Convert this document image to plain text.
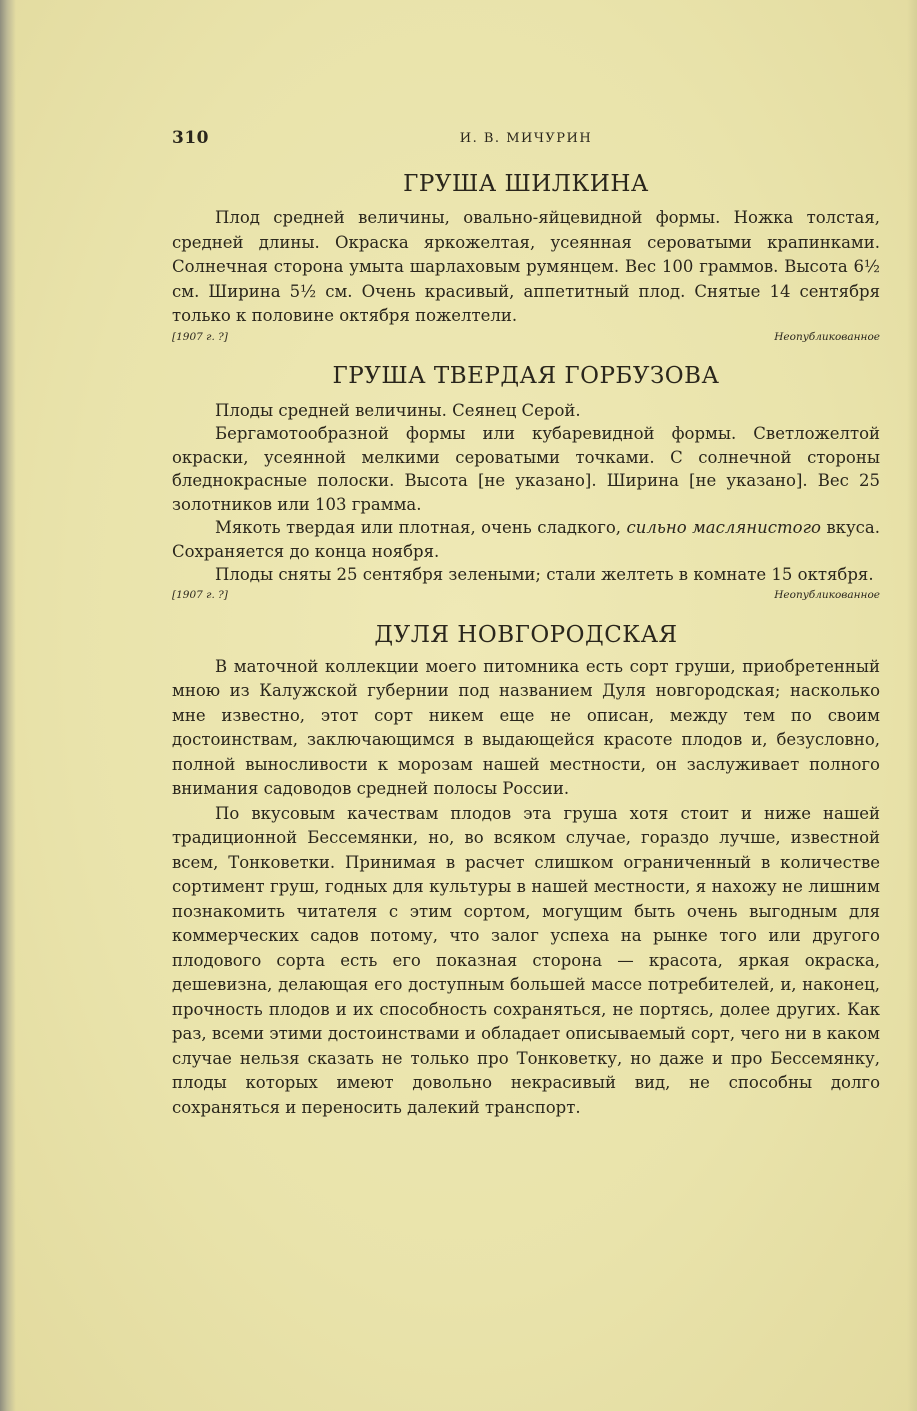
310	И. В. МИЧУРИН
ГРУША ШИЛКИНА

Плод средней величины, овально-яйцевидной формы. Ножка толстая, средней длины. Окраска яркожелтая, усеянная сероватыми крапинками. Солнечная сторона умыта шарлаховым румянцем. Вес 100 граммов. Высота 6½ см. Ширина 5½ см. Очень красивый, аппетитный плод. Снятые 14 сентября только к половине октября пожелтели.

[1907 г. ?]	Неопубликованное
ГРУША ТВЕРДАЯ ГОРБУЗОВА

Плоды средней величины. Сеянец Серой.

Бергамотообразной формы или кубаревидной формы. Светложелтой окраски, усеянной мелкими сероватыми точками. С солнечной стороны бледнокрасные полоски. Высота [не указано]. Ширина [не указано]. Вес 25 золотников или 103 грамма.

Мякоть твердая или плотная, очень сладкого, сильно маслянистого вкуса. Сохраняется до конца ноября.

Плоды сняты 25 сентября зелеными; стали желтеть в комнате 15 октября.

[1907 г. ?]	Неопубликованное
ДУЛЯ НОВГОРОДСКАЯ

В маточной коллекции моего питомника есть сорт груши, приобретенный мною из Калужской губернии под названием Дуля новгородская; насколько мне известно, этот сорт никем еще не описан, между тем по своим достоинствам, заключающимся в выдающейся красоте плодов и, безусловно, полной выносливости к морозам нашей местности, он заслуживает полного внимания садоводов средней полосы России.

По вкусовым качествам плодов эта груша хотя стоит и ниже нашей традиционной Бессемянки, но, во всяком случае, гораздо лучше, известной всем, Тонковетки. Принимая в расчет слишком ограниченный в количестве сортимент груш, годных для культуры в нашей местности, я нахожу не лишним познакомить читателя с этим сортом, могущим быть очень выгодным для коммерческих садов потому, что залог успеха на рынке того или другого плодового сорта есть его показная сторона — красота, яркая окраска, дешевизна, делающая его доступным большей массе потребителей, и, наконец, прочность плодов и их способность сохраняться, не портясь, долее других. Как раз, всеми этими достоинствами и обладает описываемый сорт, чего ни в каком случае нельзя сказать не только про Тонковетку, но даже и про Бессемянку, плоды которых имеют довольно некрасивый вид, не способны долго сохраняться и переносить далекий транспорт.
